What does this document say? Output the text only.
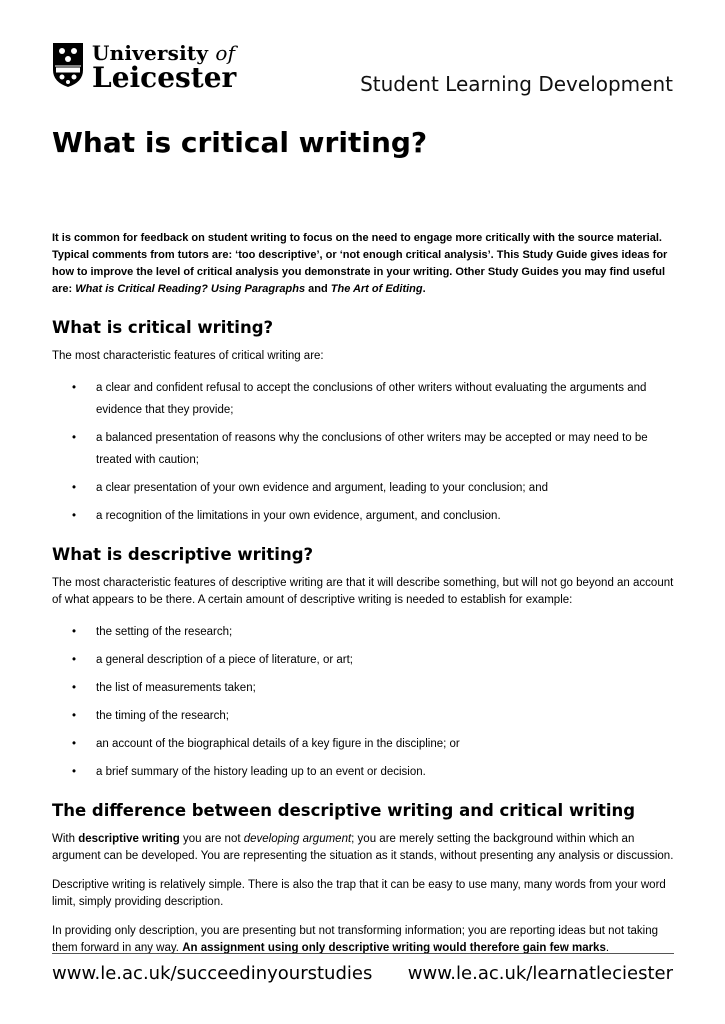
University of
Leicester	Student Learning Development
What is critical writing?

It is common for feedback on student writing to focus on the need to engage more critically with the source material. Typical comments from tutors are: ‘too descriptive’, or ‘not enough critical analysis’. This Study Guide gives ideas for how to improve the level of critical analysis you demonstrate in your writing. Other Study Guides you may find useful are: What is Critical Reading? Using Paragraphs and The Art of Editing.

What is critical writing?

The most characteristic features of critical writing are:

• a clear and confident refusal to accept the conclusions of other writers without evaluating the arguments and evidence that they provide;
• a balanced presentation of reasons why the conclusions of other writers may be accepted or may need to be treated with caution;
• a clear presentation of your own evidence and argument, leading to your conclusion; and
• a recognition of the limitations in your own evidence, argument, and conclusion.
What is descriptive writing?

The most characteristic features of descriptive writing are that it will describe something, but will not go beyond an account of what appears to be there. A certain amount of descriptive writing is needed to establish for example:

• the setting of the research;
• a general description of a piece of literature, or art;
• the list of measurements taken;
• the timing of the research;
• an account of the biographical details of a key figure in the discipline; or
• a brief summary of the history leading up to an event or decision.
The difference between descriptive writing and critical writing

With descriptive writing you are not developing argument; you are merely setting the background within which an argument can be developed. You are representing the situation as it stands, without presenting any analysis or discussion.

Descriptive writing is relatively simple. There is also the trap that it can be easy to use many, many words from your word limit, simply providing description.

In providing only description, you are presenting but not transforming information; you are reporting ideas but not taking them forward in any way. An assignment using only descriptive writing would therefore gain few marks.

www.le.ac.uk/succeedinyourstudies www.le.ac.uk/learnatleciester
